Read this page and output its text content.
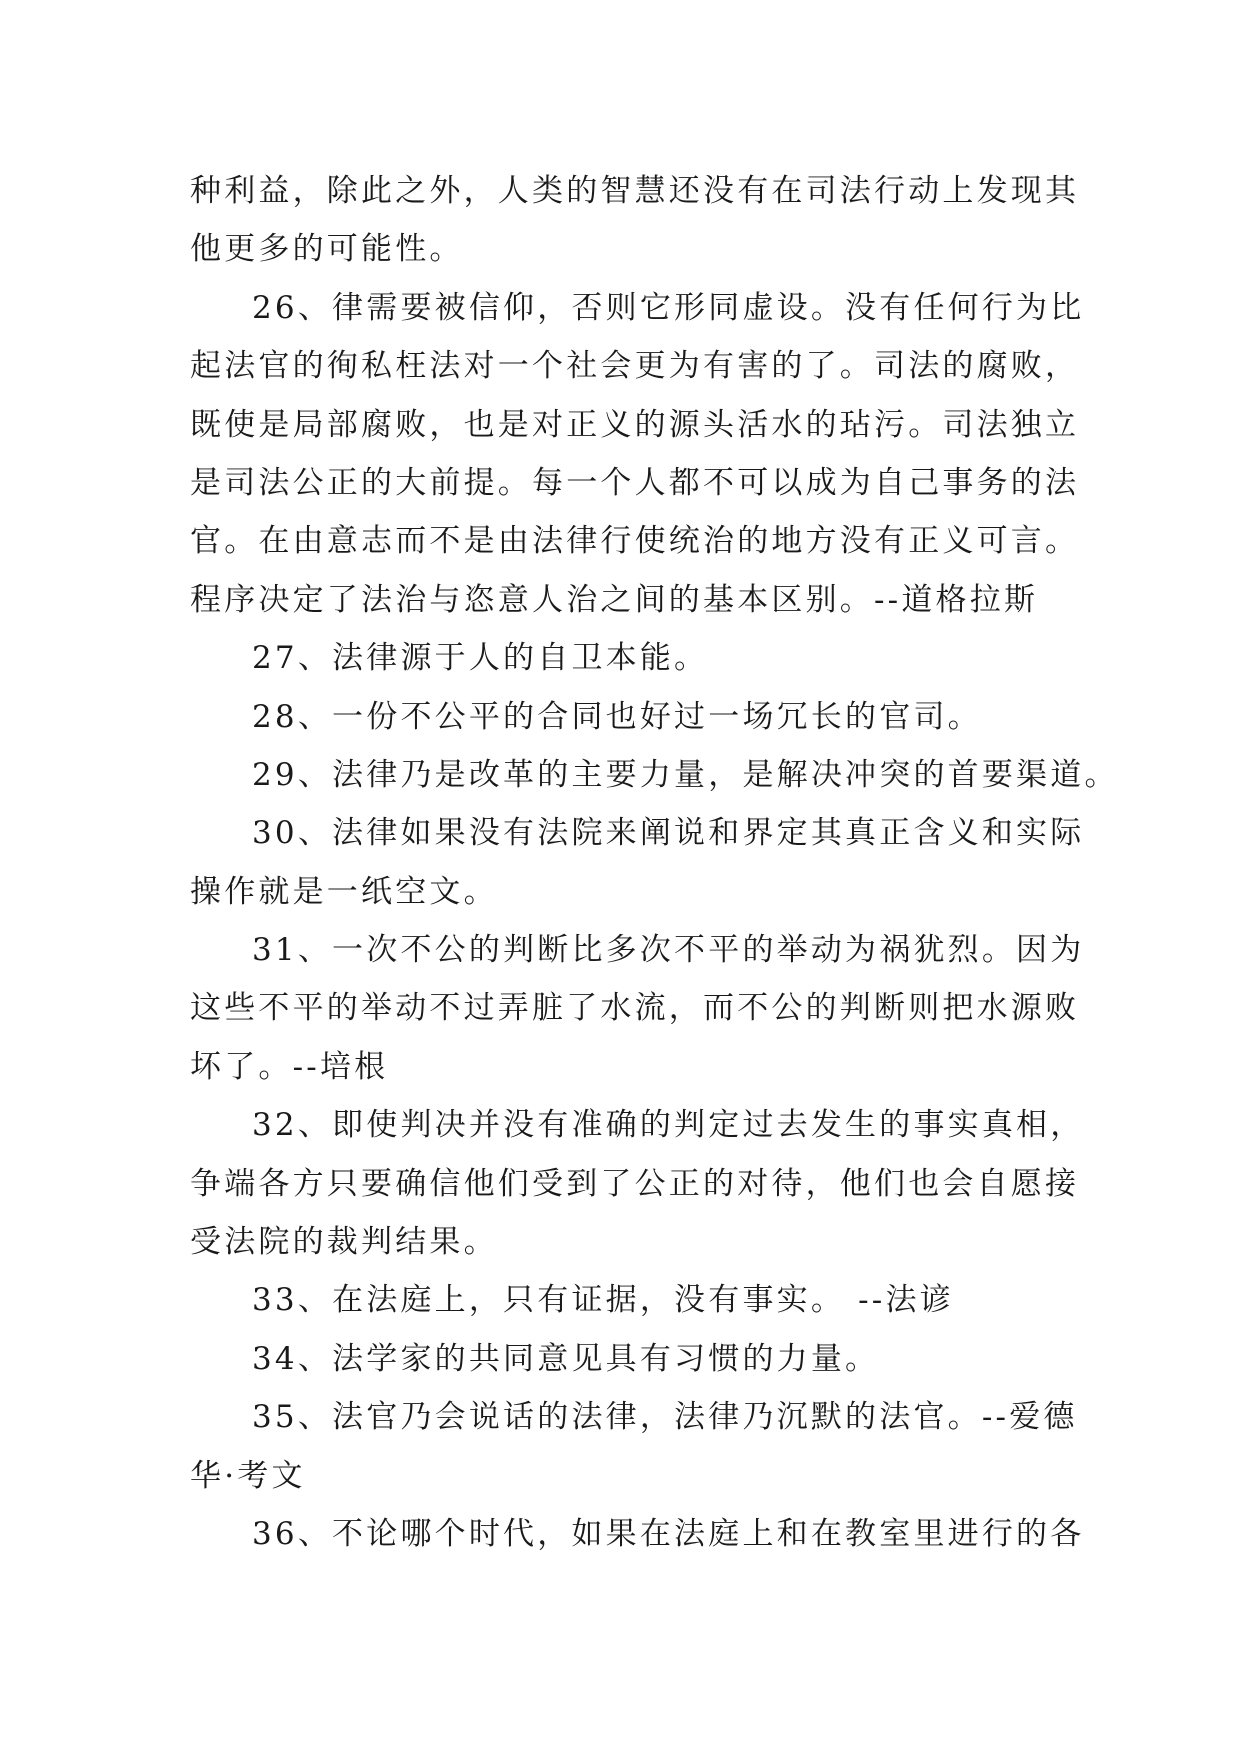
种利益，除此之外，人类的智慧还没有在司法行动上发现其
他更多的可能性。
26、律需要被信仰，否则它形同虚设。没有任何行为比
起法官的徇私枉法对一个社会更为有害的了。司法的腐败，
既使是局部腐败，也是对正义的源头活水的玷污。司法独立
是司法公正的大前提。每一个人都不可以成为自己事务的法
官。在由意志而不是由法律行使统治的地方没有正义可言。
程序决定了法治与恣意人治之间的基本区别。--道格拉斯
27、法律源于人的自卫本能。
28、一份不公平的合同也好过一场冗长的官司。
29、法律乃是改革的主要力量，是解决冲突的首要渠道。
30、法律如果没有法院来阐说和界定其真正含义和实际
操作就是一纸空文。
31、一次不公的判断比多次不平的举动为祸犹烈。因为
这些不平的举动不过弄脏了水流，而不公的判断则把水源败
坏了。--培根
32、即使判决并没有准确的判定过去发生的事实真相，
争端各方只要确信他们受到了公正的对待，他们也会自愿接
受法院的裁判结果。
33、在法庭上，只有证据，没有事实。 --法谚
34、法学家的共同意见具有习惯的力量。
35、法官乃会说话的法律，法律乃沉默的法官。--爱德
华·考文
36、不论哪个时代，如果在法庭上和在教室里进行的各
